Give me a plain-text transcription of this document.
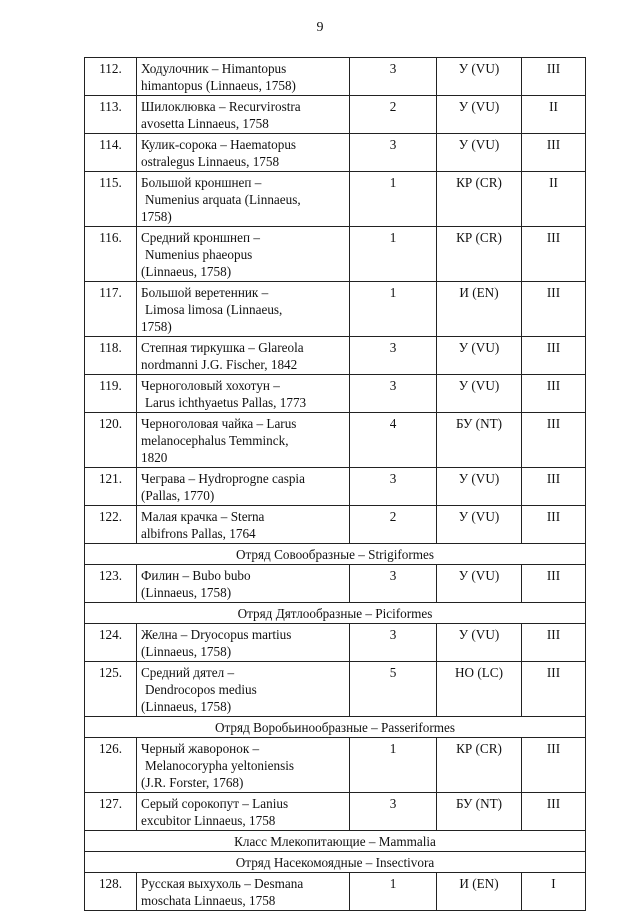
9
112.	Ходулочник – Himantopus
himantopus (Linnaeus, 1758)	3	У (VU)	III
113.	Шилоклювка – Recurvirostra
avosetta Linnaeus, 1758	2	У (VU)	II
114.	Кулик-сорока – Haematopus
ostralegus Linnaeus, 1758	3	У (VU)	III
115.	Большой кроншнеп –
Numenius arquata (Linnaeus,
1758)	1	КР (CR)	II
116.	Средний кроншнеп –
Numenius phaeopus
(Linnaeus, 1758)	1	КР (CR)	III
117.	Большой веретенник –
Limosa limosa (Linnaeus,
1758)	1	И (EN)	III
118.	Степная тиркушка – Glareola
nordmanni J.G. Fischer, 1842	3	У (VU)	III
119.	Черноголовый хохотун –
Larus ichthyaetus Pallas, 1773	3	У (VU)	III
120.	Черноголовая чайка – Larus
melanocephalus Temminck,
1820	4	БУ (NT)	III
121.	Чеграва – Hydroprogne caspia
(Pallas, 1770)	3	У (VU)	III
122.	Малая крачка – Sterna
albifrons Pallas, 1764	2	У (VU)	III
Отряд Совообразные – Strigiformes				
123.	Филин – Bubo bubo
(Linnaeus, 1758)	3	У (VU)	III
Отряд Дятлообразные – Piciformes				
124.	Желна – Dryocopus martius
(Linnaeus, 1758)	3	У (VU)	III
125.	Средний дятел –
Dendrocopos medius
(Linnaeus, 1758)	5	НО (LC)	III
Отряд Воробьинообразные – Passeriformes				
126.	Черный жаворонок –
Melanocorypha yeltoniensis
(J.R. Forster, 1768)	1	КР (CR)	III
127.	Серый сорокопут – Lanius
excubitor Linnaeus, 1758	3	БУ (NT)	III
Класс Млекопитающие – Mammalia				
Отряд Насекомоядные – Insectivora				
128.	Русская выхухоль – Desmana
moschata Linnaeus, 1758	1	И (EN)	I
